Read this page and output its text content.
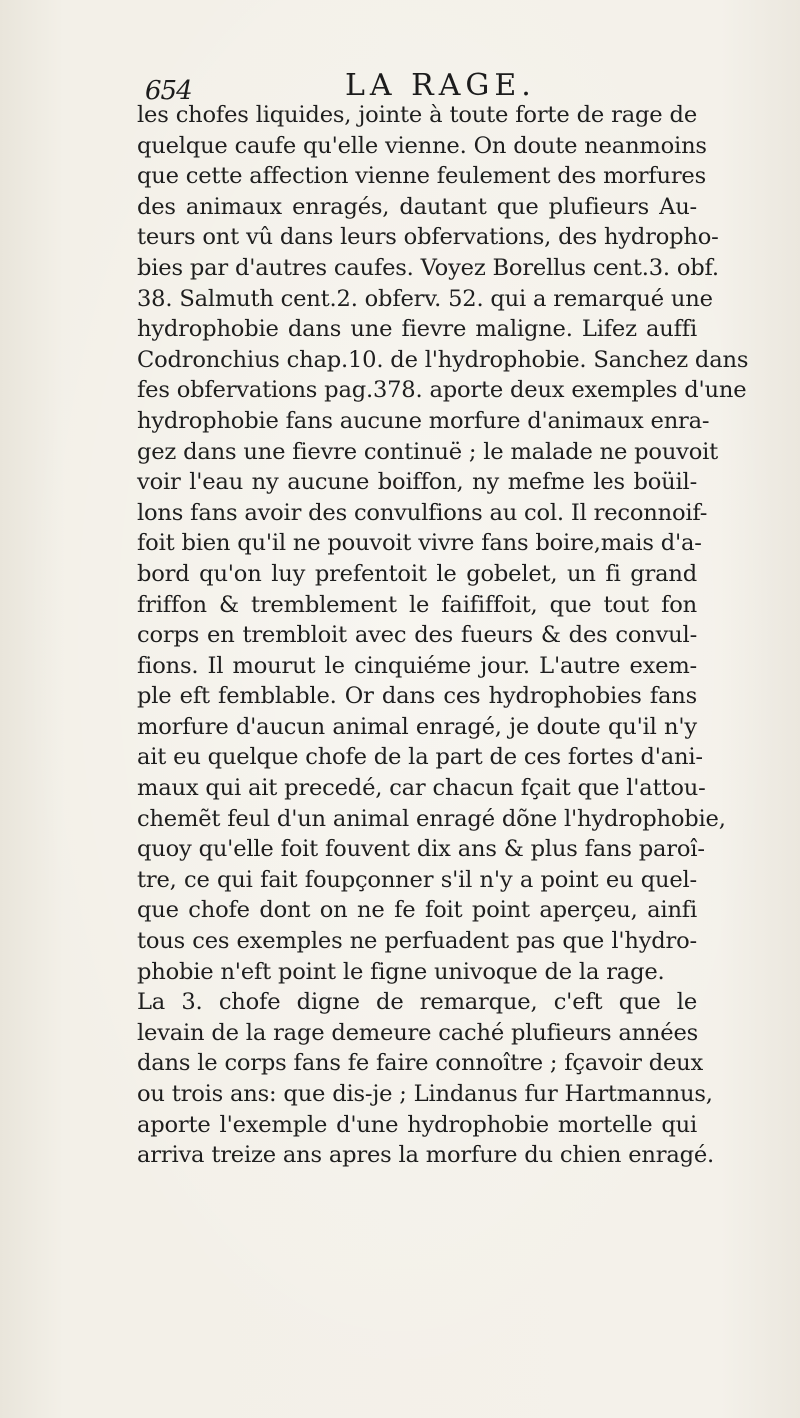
654	LA RAGE.
les chofes liquides, jointe à toute forte de rage de
quelque caufe qu'elle vienne. On doute neanmoins
que cette affection vienne feulement des morfures
des animaux enragés, dautant que plufieurs Au-
teurs ont vû dans leurs obfervations, des hydropho-
bies par d'autres caufes. Voyez Borellus cent.3. obf.
38. Salmuth cent.2. obferv. 52. qui a remarqué une
hydrophobie dans une fievre maligne. Lifez auffi
Codronchius chap.10. de l'hydrophobie. Sanchez dans
fes obfervations pag.378. aporte deux exemples d'une
hydrophobie fans aucune morfure d'animaux enra-
gez dans une fievre continuë ; le malade ne pouvoit
voir l'eau ny aucune boiffon, ny mefme les boüil-
lons fans avoir des convulfions au col. Il reconnoif-
foit bien qu'il ne pouvoit vivre fans boire,mais d'a-
bord qu'on luy prefentoit le gobelet, un fi grand
friffon & tremblement le faififfoit, que tout fon
corps en trembloit avec des fueurs & des convul-
fions. Il mourut le cinquiéme jour. L'autre exem-
ple eft femblable. Or dans ces hydrophobies fans
morfure d'aucun animal enragé, je doute qu'il n'y
ait eu quelque chofe de la part de ces fortes d'ani-
maux qui ait precedé, car chacun fçait que l'attou-
chemẽt feul d'un animal enragé dõne l'hydrophobie,
quoy qu'elle foit fouvent dix ans & plus fans paroî-
tre, ce qui fait foupçonner s'il n'y a point eu quel-
que chofe dont on ne fe foit point aperçeu, ainfi
tous ces exemples ne perfuadent pas que l'hydro-
phobie n'eft point le figne univoque de la rage.
La 3. chofe digne de remarque, c'eft que le
levain de la rage demeure caché plufieurs années
dans le corps fans fe faire connoître ; fçavoir deux
ou trois ans: que dis-je ; Lindanus fur Hartmannus,
aporte l'exemple d'une hydrophobie mortelle qui
arriva treize ans apres la morfure du chien enragé.
